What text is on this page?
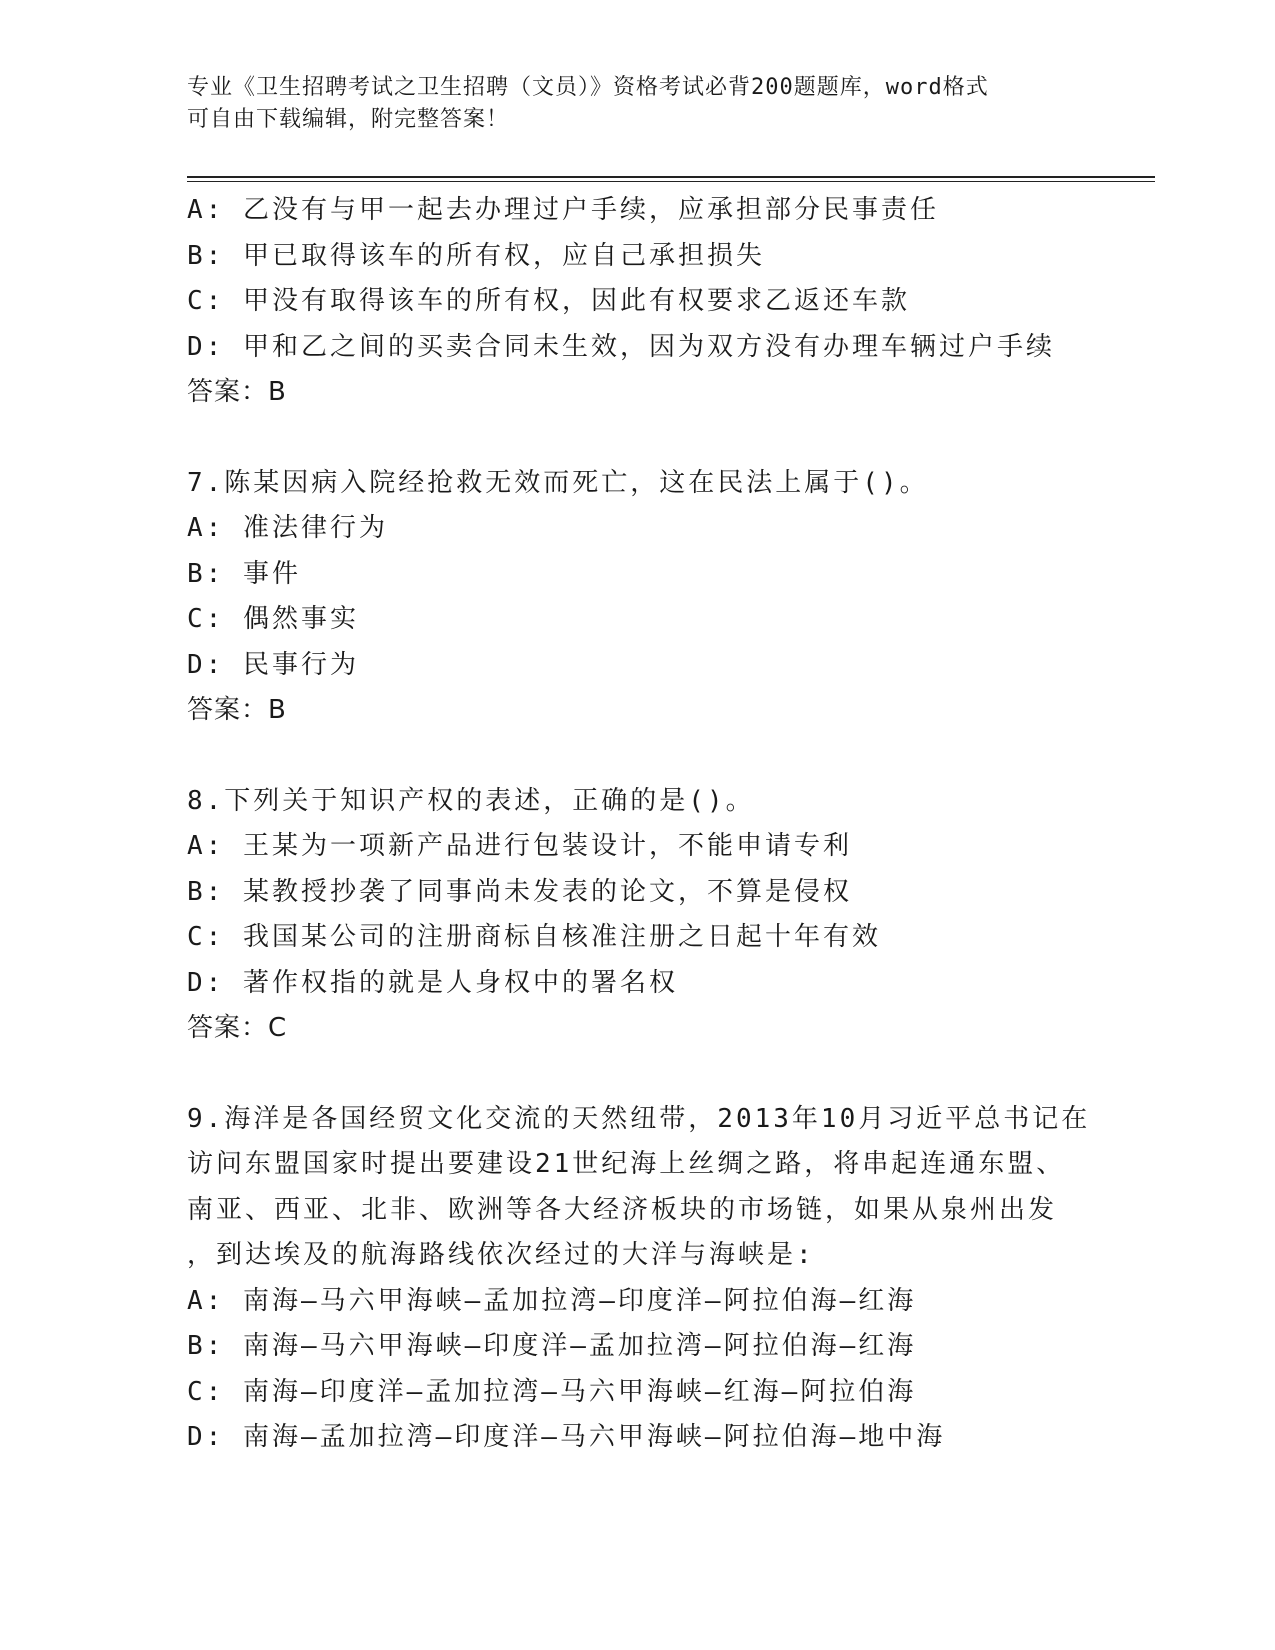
专业《卫生招聘考试之卫生招聘（文员）》资格考试必背200题题库，word格式
可自由下载编辑，附完整答案！
A: 乙没有与甲一起去办理过户手续，应承担部分民事责任
B: 甲已取得该车的所有权，应自己承担损失
C: 甲没有取得该车的所有权，因此有权要求乙返还车款
D: 甲和乙之间的买卖合同未生效，因为双方没有办理车辆过户手续
答案：B
7.陈某因病入院经抢救无效而死亡，这在民法上属于()。
A: 准法律行为
B: 事件
C: 偶然事实
D: 民事行为
答案：B
8.下列关于知识产权的表述，正确的是()。
A: 王某为一项新产品进行包装设计，不能申请专利
B: 某教授抄袭了同事尚未发表的论文，不算是侵权
C: 我国某公司的注册商标自核准注册之日起十年有效
D: 著作权指的就是人身权中的署名权
答案：C
9.海洋是各国经贸文化交流的天然纽带，2013年10月习近平总书记在
访问东盟国家时提出要建设21世纪海上丝绸之路，将串起连通东盟、
南亚、西亚、北非、欧洲等各大经济板块的市场链，如果从泉州出发
，到达埃及的航海路线依次经过的大洋与海峡是:
A: 南海—马六甲海峡—孟加拉湾—印度洋—阿拉伯海—红海
B: 南海—马六甲海峡—印度洋—孟加拉湾—阿拉伯海—红海
C: 南海—印度洋—孟加拉湾—马六甲海峡—红海—阿拉伯海
D: 南海—孟加拉湾—印度洋—马六甲海峡—阿拉伯海—地中海
